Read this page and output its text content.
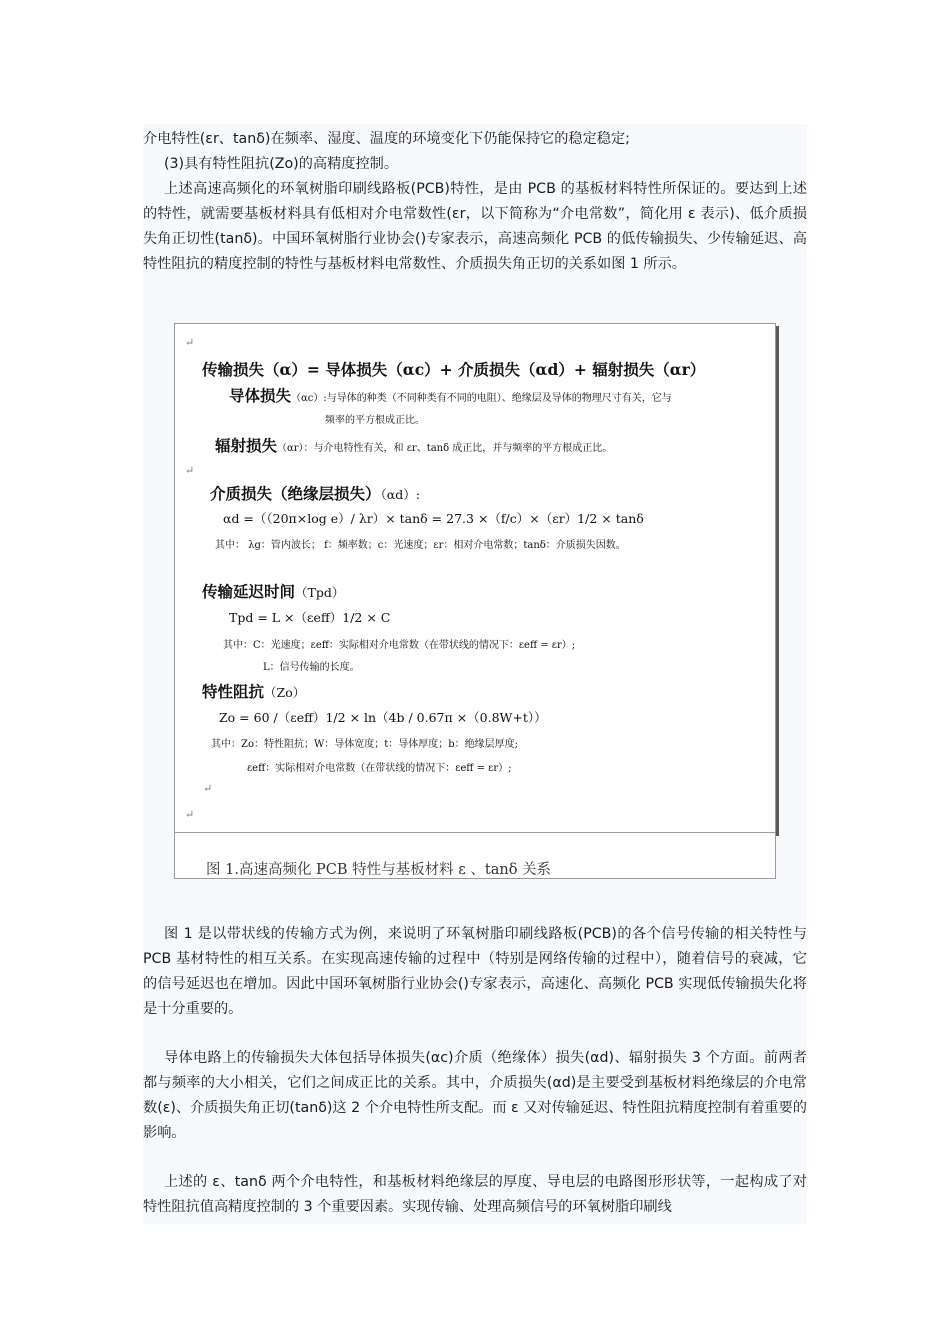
介电特性(εr、tanδ)在频率、湿度、温度的环境变化下仍能保持它的稳定稳定;

(3)具有特性阻抗(Zo)的高精度控制。

上述高速高频化的环氧树脂印刷线路板(PCB)特性，是由 PCB 的基板材料特性所保证的。要达到上述的特性，就需要基板材料具有低相对介电常数性(εr，以下简称为“介电常数”，简化用 ε 表示)、低介质损失角正切性(tanδ)。中国环氧树脂行业协会()专家表示，高速高频化 PCB 的低传输损失、少传输延迟、高特性阻抗的精度控制的特性与基板材料电常数性、介质损失角正切的关系如图 1 所示。

↵
传输损失（α）= 导体损失（αc）+ 介质损失（αd）+ 辐射损失（αr）
导体损失（αc）:与导体的种类（不同种类有不同的电阻）、绝缘层及导体的物理尺寸有关，它与
频率的平方根成正比。
辐射损失（αr）：与介电特性有关，和 εr、tanδ 成正比，并与频率的平方根成正比。
↵
介质损失（绝缘层损失）（αd）:
αd =（（20π×log e）/ λr）× tanδ = 27.3 ×（f/c）×（εr）1/2 × tanδ
其中： λg：管内波长； f：频率数；c：光速度；εr：相对介电常数；tanδ：介质损失因数。
传输延迟时间（Tpd）
Tpd = L ×（εeff）1/2 × C
其中：C：光速度；εeff：实际相对介电常数（在带状线的情况下：εeff = εr）;
L：信号传输的长度。
特性阻抗（Zo）
Zo = 60 /（εeff）1/2 × ln（4b / 0.67π ×（0.8W+t））
其中：Zo：特性阻抗；W：导体宽度；t：导体厚度；b：绝缘层厚度;
εeff：实际相对介电常数（在带状线的情况下：εeff = εr）;
↵
↵
图 1.高速高频化 PCB 特性与基板材料 ε 、tanδ 关系

图 1 是以带状线的传输方式为例，来说明了环氧树脂印刷线路板(PCB)的各个信号传输的相关特性与 PCB 基材特性的相互关系。在实现高速传输的过程中（特别是网络传输的过程中），随着信号的衰减，它的信号延迟也在增加。因此中国环氧树脂行业协会()专家表示，高速化、高频化 PCB 实现低传输损失化将是十分重要的。

导体电路上的传输损失大体包括导体损失(αc)介质（绝缘体）损失(αd)、辐射损失 3 个方面。前两者都与频率的大小相关，它们之间成正比的关系。其中，介质损失(αd)是主要受到基板材料绝缘层的介电常数(ε)、介质损失角正切(tanδ)这 2 个介电特性所支配。而 ε 又对传输延迟、特性阻抗精度控制有着重要的影响。

上述的 ε、tanδ 两个介电特性，和基板材料绝缘层的厚度、导电层的电路图形形状等，一起构成了对特性阻抗值高精度控制的 3 个重要因素。实现传输、处理高频信号的环氧树脂印刷线
